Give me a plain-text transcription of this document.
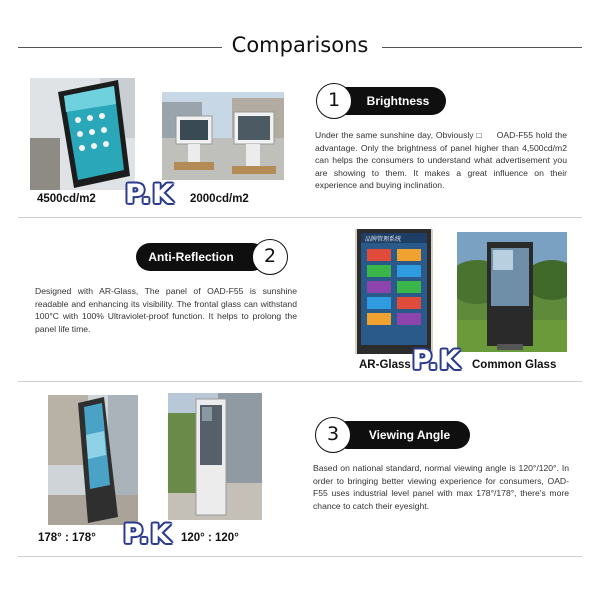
Comparisons
4500cd/m2 P.K 2000cd/m2
Brightness
1
Under the same sunshine day, Obviously □ OAD-F55 hold the advantage. Only the brightness of panel higher than 4,500cd/m2 can helps the consumers to understand what advertisement you are showing to them. It makes a great influence on their experience and buying inclination.
Anti-Reflection	2
Designed with AR-Glass, The panel of OAD-F55 is sunshine readable and enhancing its visibility. The frontal glass can withstand 100°C with 100% Ultraviolet-proof function. It helps to prolong the panel life time.
品牌管理系统
AR-Glass P.K Common Glass
178° : 178° P.K 120° : 120°
Viewing Angle
3
Based on national standard, normal viewing angle is 120°/120°. In order to bringing better viewing experience for consumers, OAD-F55 uses industrial level panel with max 178°/178°, there's more chance to catch their eyesight.
